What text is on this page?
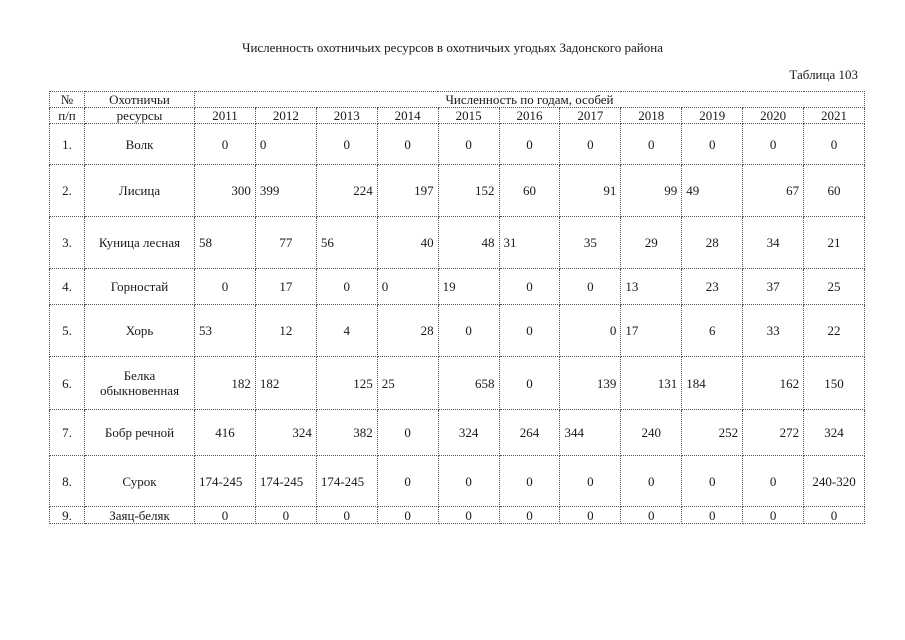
Численность охотничьих ресурсов в охотничьих угодьях Задонского района
Таблица 103
№	Охотничьи	Численность по годам, особей										
п/п	ресурсы	2011	2012	2013	2014	2015	2016	2017	2018	2019	2020	2021
1.	Волк	0	0	0	0	0	0	0	0	0	0	0
2.	Лисица	300	399	224	197	152	60	91	99	49	67	60
3.	Куница лесная	58	77	56	40	48	31	35	29	28	34	21
4.	Горностай	0	17	0	0	19	0	0	13	23	37	25
5.	Хорь	53	12	4	28	0	0	0	17	6	33	22
6.	Белка обыкновенная	182	182	125	25	658	0	139	131	184	162	150
7.	Бобр речной	416	324	382	0	324	264	344	240	252	272	324
8.	Сурок	174-245	174-245	174-245	0	0	0	0	0	0	0	240-320
9.	Заяц-беляк	0	0	0	0	0	0	0	0	0	0	0
